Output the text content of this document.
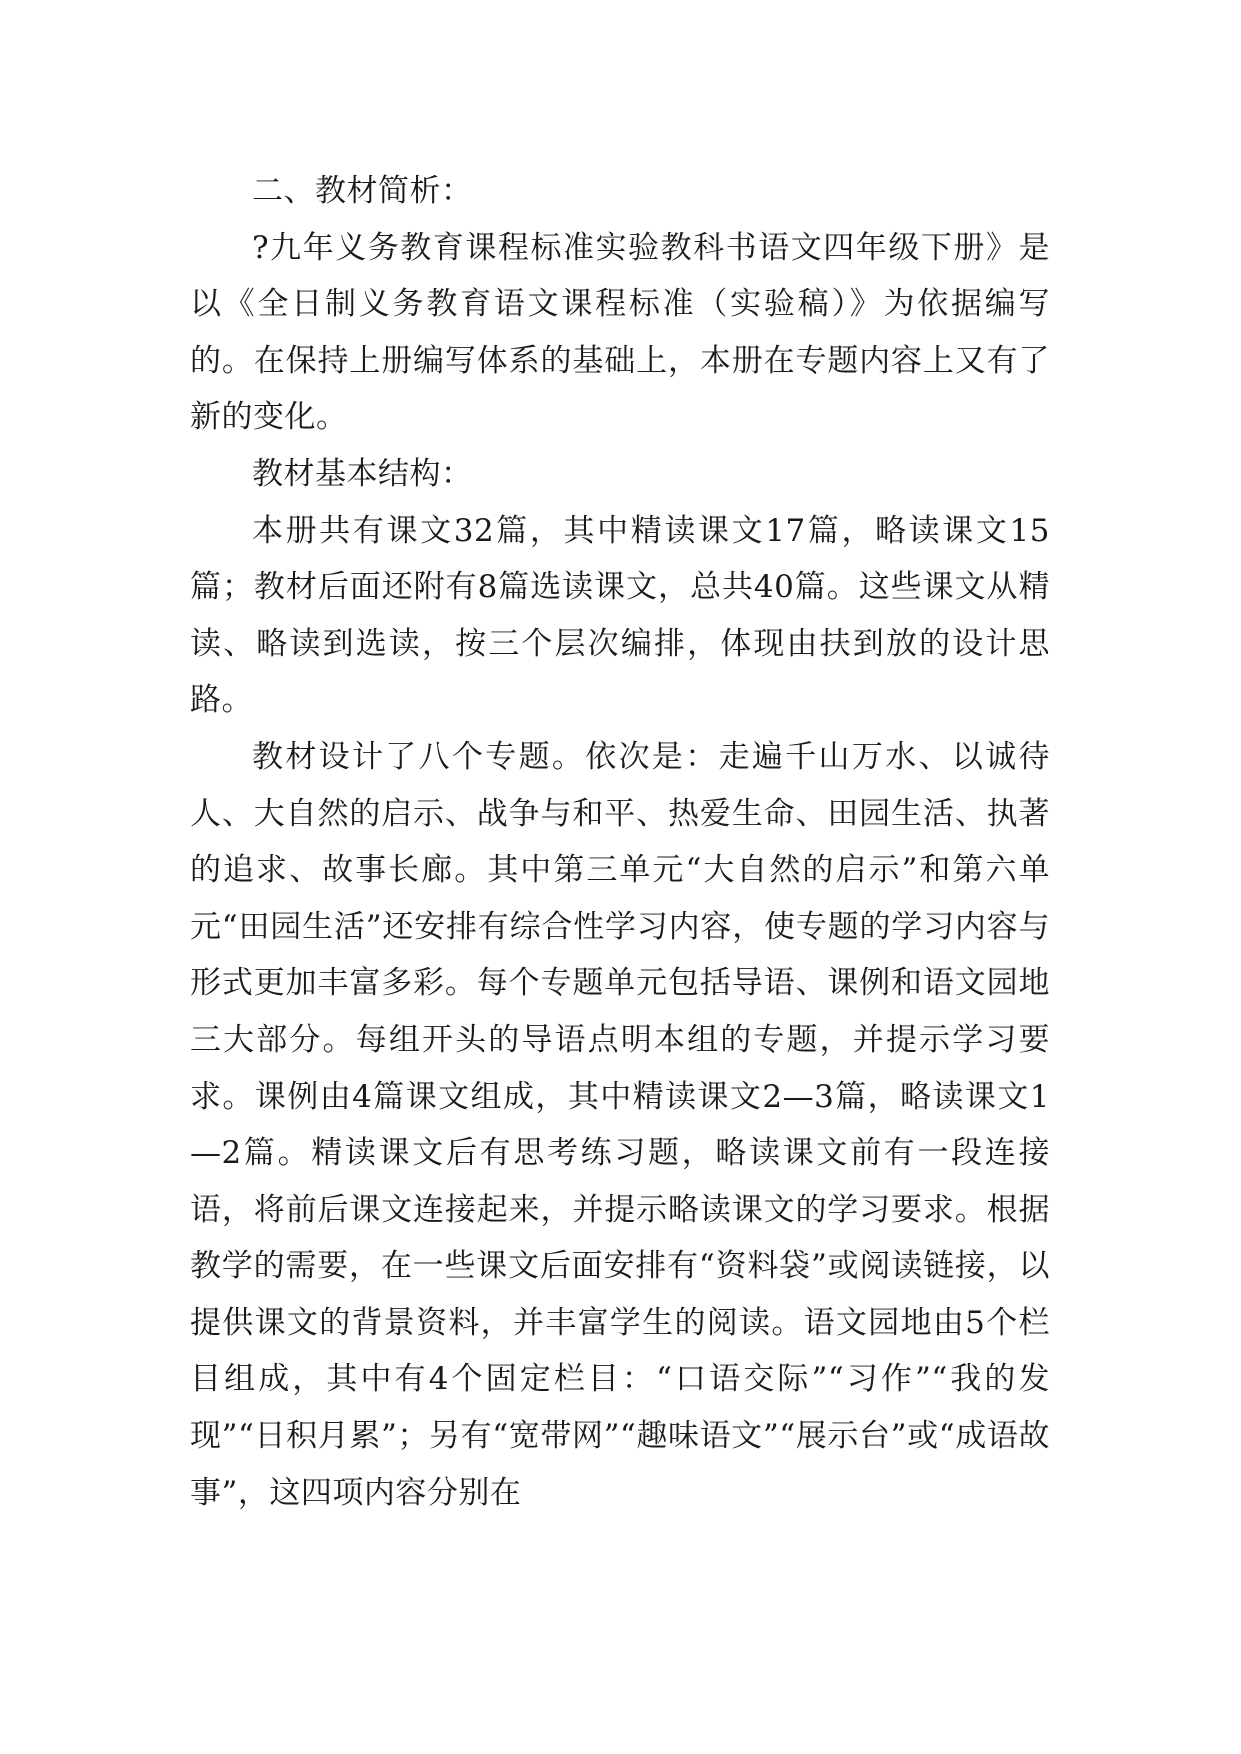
二、教材简析：

?九年义务教育课程标准实验教科书语文四年级下册》是以《全日制义务教育语文课程标准（实验稿）》为依据编写的。在保持上册编写体系的基础上，本册在专题内容上又有了新的变化。

教材基本结构：

本册共有课文32篇，其中精读课文17篇，略读课文15篇；教材后面还附有8篇选读课文，总共40篇。这些课文从精读、略读到选读，按三个层次编排，体现由扶到放的设计思路。

教材设计了八个专题。依次是：走遍千山万水、以诚待人、大自然的启示、战争与和平、热爱生命、田园生活、执著的追求、故事长廊。其中第三单元“大自然的启示”和第六单元“田园生活”还安排有综合性学习内容，使专题的学习内容与形式更加丰富多彩。每个专题单元包括导语、课例和语文园地三大部分。每组开头的导语点明本组的专题，并提示学习要求。课例由4篇课文组成，其中精读课文2—3篇，略读课文1—2篇。精读课文后有思考练习题，略读课文前有一段连接语，将前后课文连接起来，并提示略读课文的学习要求。根据教学的需要，在一些课文后面安排有“资料袋”或阅读链接，以提供课文的背景资料，并丰富学生的阅读。语文园地由5个栏目组成，其中有4个固定栏目：“口语交际”“习作”“我的发现”“日积月累”；另有“宽带网”“趣味语文”“展示台”或“成语故事”，这四项内容分别在
